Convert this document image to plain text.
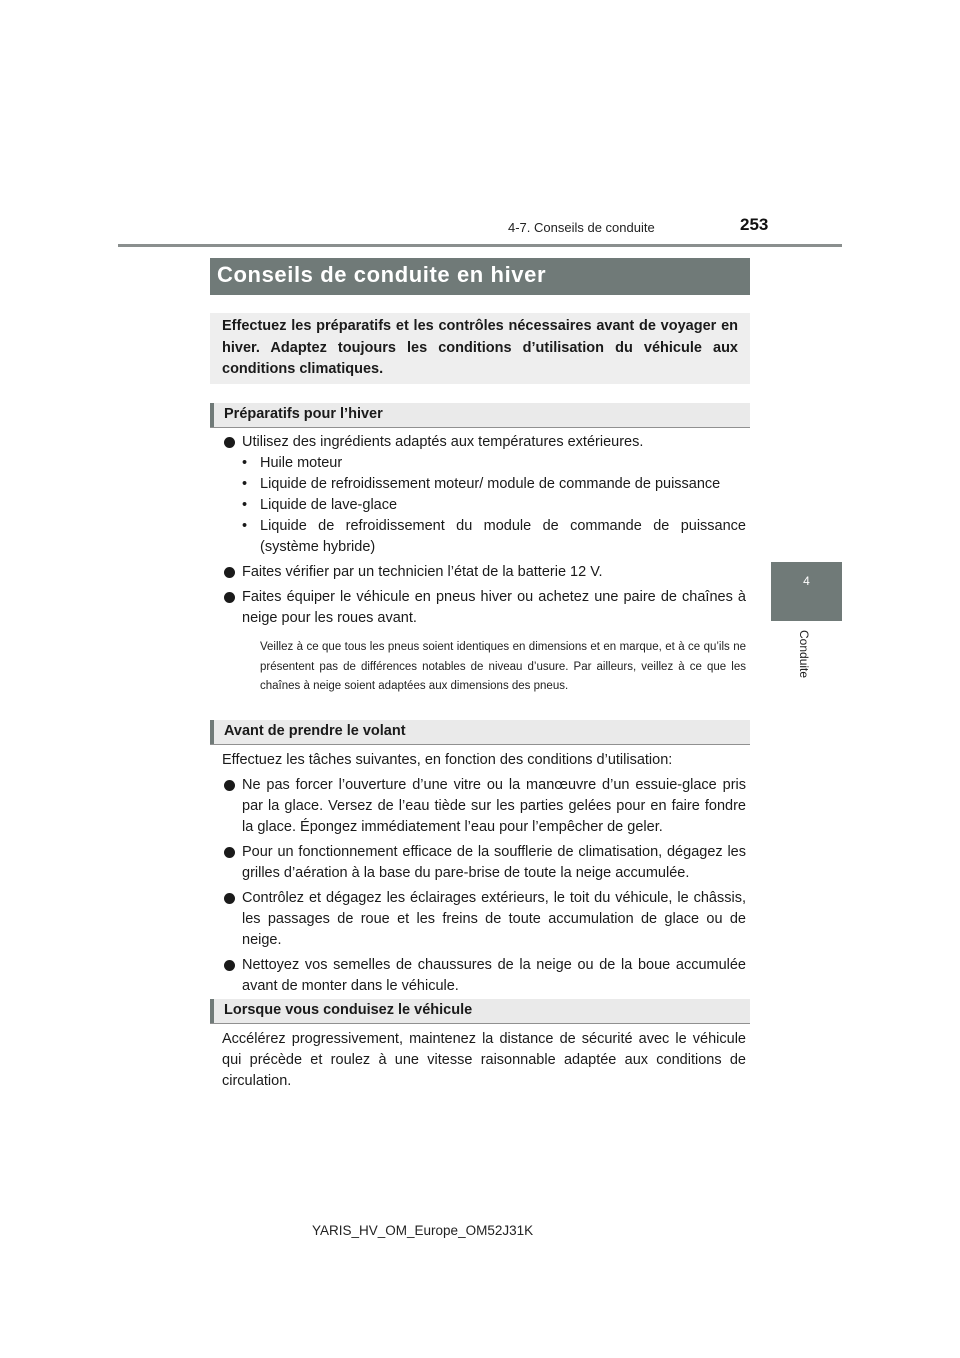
4-7. Conseils de conduite	253
4
Conduite
Conseils de conduite en hiver
Effectuez les préparatifs et les contrôles nécessaires avant de voyager en hiver. Adaptez toujours les conditions d’utilisation du véhicule aux conditions climatiques.
Préparatifs pour l’hiver
Utilisez des ingrédients adaptés aux températures extérieures.
• Huile moteur
• Liquide de refroidissement moteur/ module de commande de puissance
• Liquide de lave-glace
• Liquide de refroidissement du module de commande de puissance (système hybride)
Faites vérifier par un technicien l’état de la batterie 12 V.
Faites équiper le véhicule en pneus hiver ou achetez une paire de chaînes à neige pour les roues avant.
Veillez à ce que tous les pneus soient identiques en dimensions et en marque, et à ce qu’ils ne présentent pas de différences notables de niveau d’usure. Par ailleurs, veillez à ce que les chaînes à neige soient adaptées aux dimensions des pneus.
Avant de prendre le volant
Effectuez les tâches suivantes, en fonction des conditions d’utilisation:
Ne pas forcer l’ouverture d’une vitre ou la manœuvre d’un essuie-glace pris par la glace. Versez de l’eau tiède sur les parties gelées pour en faire fondre la glace. Épongez immédiatement l’eau pour l’empêcher de geler.
Pour un fonctionnement efficace de la soufflerie de climatisation, dégagez les grilles d’aération à la base du pare-brise de toute la neige accumulée.
Contrôlez et dégagez les éclairages extérieurs, le toit du véhicule, le châssis, les passages de roue et les freins de toute accumulation de glace ou de neige.
Nettoyez vos semelles de chaussures de la neige ou de la boue accumulée avant de monter dans le véhicule.
Lorsque vous conduisez le véhicule
Accélérez progressivement, maintenez la distance de sécurité avec le véhicule qui précède et roulez à une vitesse raisonnable adaptée aux conditions de circulation.
YARIS_HV_OM_Europe_OM52J31K
